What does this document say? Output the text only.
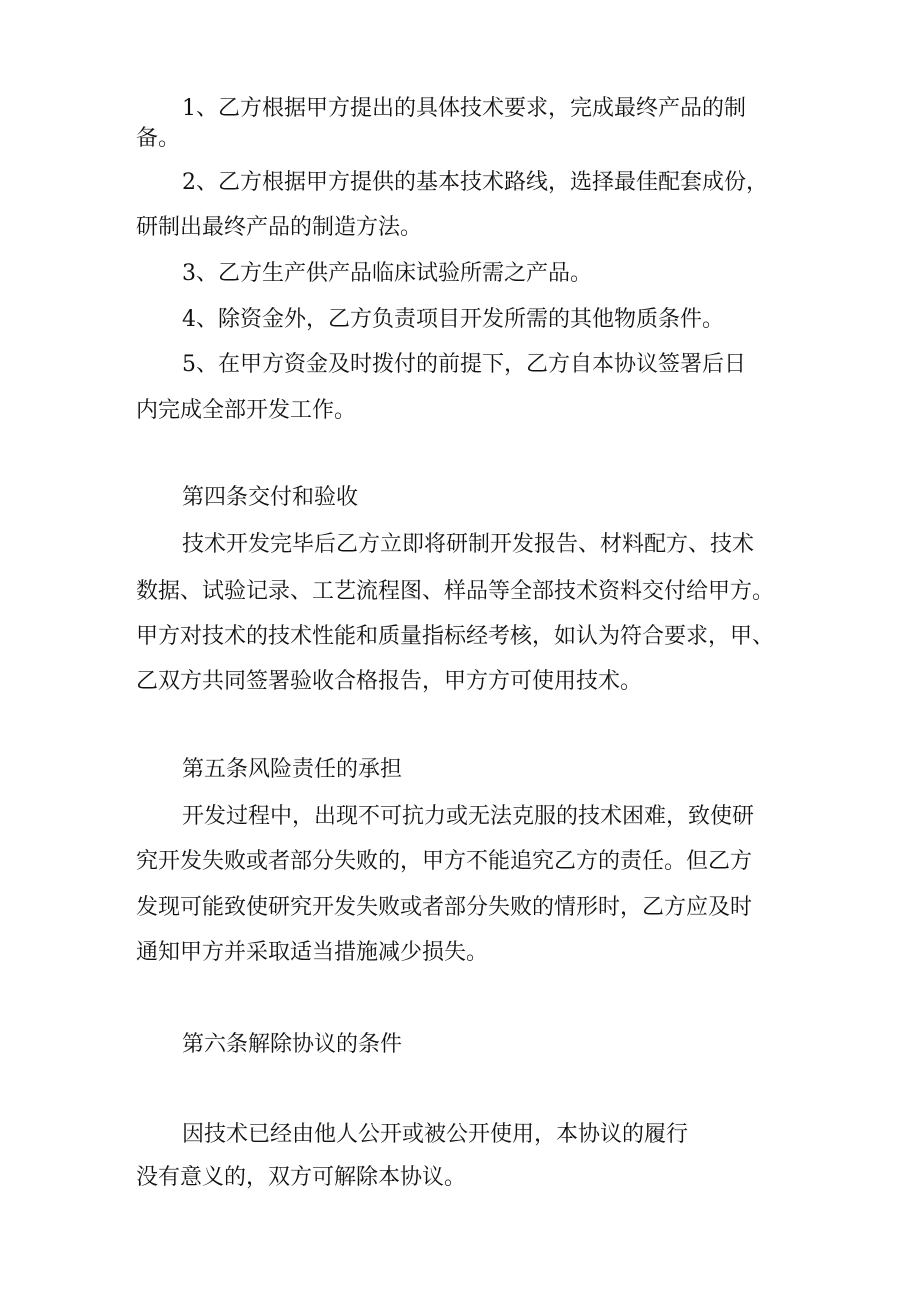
1、乙方根据甲方提出的具体技术要求，完成最终产品的制
备。
2、乙方根据甲方提供的基本技术路线，选择最佳配套成份，
研制出最终产品的制造方法。
3、乙方生产供产品临床试验所需之产品。
4、除资金外，乙方负责项目开发所需的其他物质条件。
5、在甲方资金及时拨付的前提下，乙方自本协议签署后日
内完成全部开发工作。
第四条交付和验收
技术开发完毕后乙方立即将研制开发报告、材料配方、技术
数据、试验记录、工艺流程图、样品等全部技术资料交付给甲方。
甲方对技术的技术性能和质量指标经考核，如认为符合要求，甲、
乙双方共同签署验收合格报告，甲方方可使用技术。
第五条风险责任的承担
开发过程中，出现不可抗力或无法克服的技术困难，致使研
究开发失败或者部分失败的，甲方不能追究乙方的责任。但乙方
发现可能致使研究开发失败或者部分失败的情形时，乙方应及时
通知甲方并采取适当措施减少损失。
第六条解除协议的条件
因技术已经由他人公开或被公开使用，本协议的履行
没有意义的，双方可解除本协议。
